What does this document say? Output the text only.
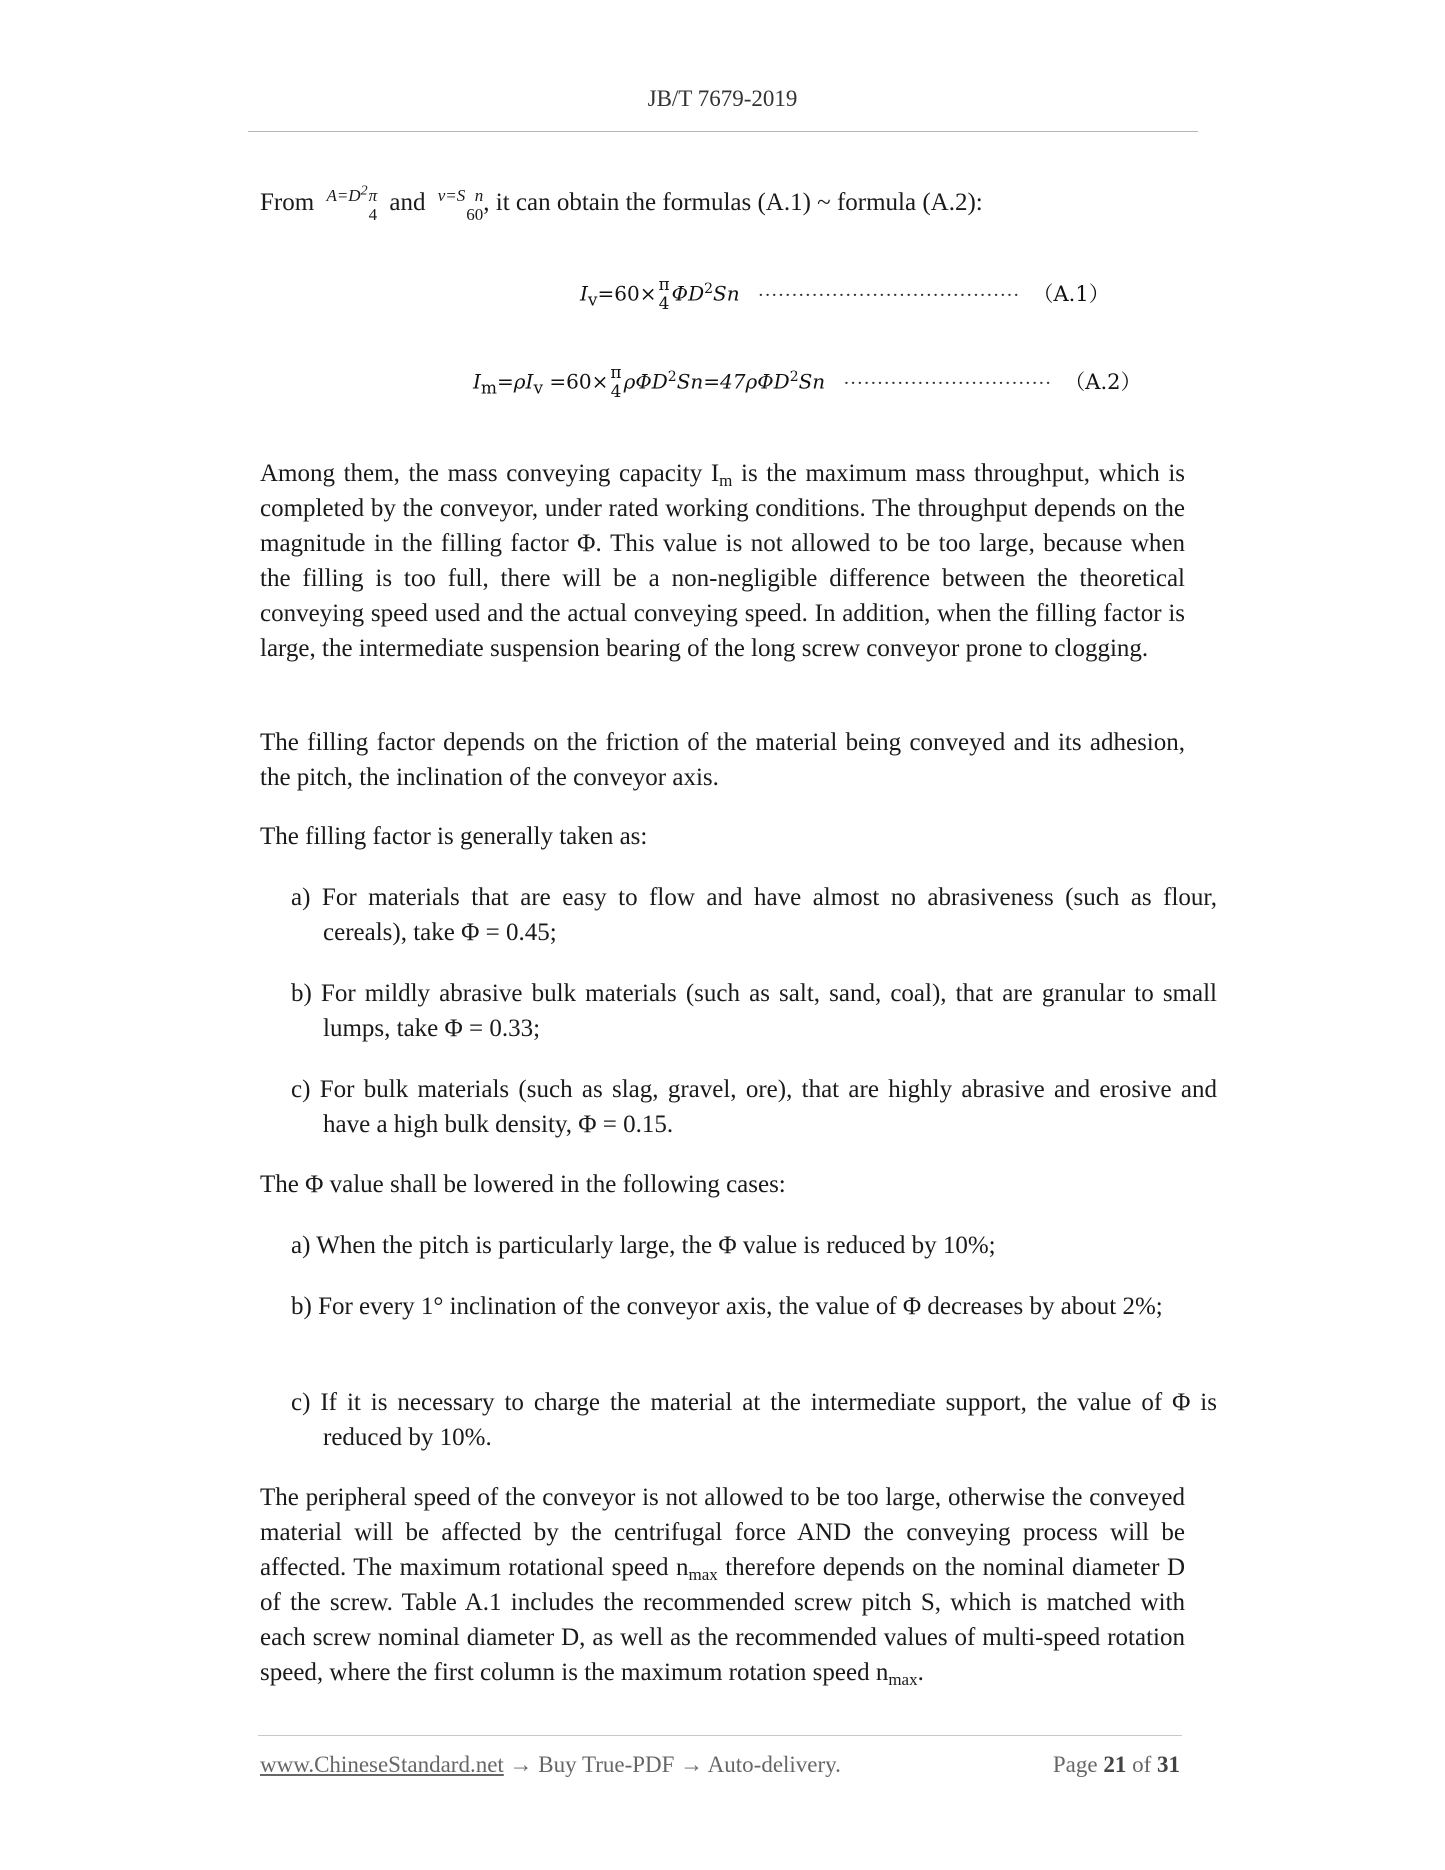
JB/T 7679-2019
From $A=D^2$ π
4 and v=S n
60 , it can obtain the formulas (A.1) ~ formula (A.2):
$I_v=60\times \pi$
4 $\Phi D^2Sn$ ······································· （A.1）
$I_m=\rho I_v =60\times \pi$
4 ρΦD$^2$Sn=47ρΦD$^2$Sn ······························· （A.2）

Among them, the mass conveying capacity $I_m$ is the maximum mass throughput, which is completed by the conveyor, under rated working conditions. The throughput depends on the magnitude in the filling factor Φ. This value is not allowed to be too large, because when the filling is too full, there will be a non-negligible difference between the theoretical conveying speed used and the actual conveying speed. In addition, when the filling factor is large, the intermediate suspension bearing of the long screw conveyor prone to clogging.

The filling factor depends on the friction of the material being conveyed and its adhesion, the pitch, the inclination of the conveyor axis.

The filling factor is generally taken as:

a) For materials that are easy to flow and have almost no abrasiveness (such as flour, cereals), take Φ = 0.45;

b) For mildly abrasive bulk materials (such as salt, sand, coal), that are granular to small lumps, take Φ = 0.33;

c) For bulk materials (such as slag, gravel, ore), that are highly abrasive and erosive and have a high bulk density, Φ = 0.15.

The Φ value shall be lowered in the following cases:

a) When the pitch is particularly large, the Φ value is reduced by 10%;

b) For every 1° inclination of the conveyor axis, the value of Φ decreases by about 2%;

c) If it is necessary to charge the material at the intermediate support, the value of Φ is reduced by 10%.

The peripheral speed of the conveyor is not allowed to be too large, otherwise the conveyed material will be affected by the centrifugal force AND the conveying process will be affected. The maximum rotational speed $n_{max}$ therefore depends on the nominal diameter D of the screw. Table A.1 includes the recommended screw pitch S, which is matched with each screw nominal diameter D, as well as the recommended values of multi-speed rotation speed, where the first column is the maximum rotation speed $n_{max}$.

www.ChineseStandard.net → Buy True-PDF → Auto-delivery.	Page 21 of 31
